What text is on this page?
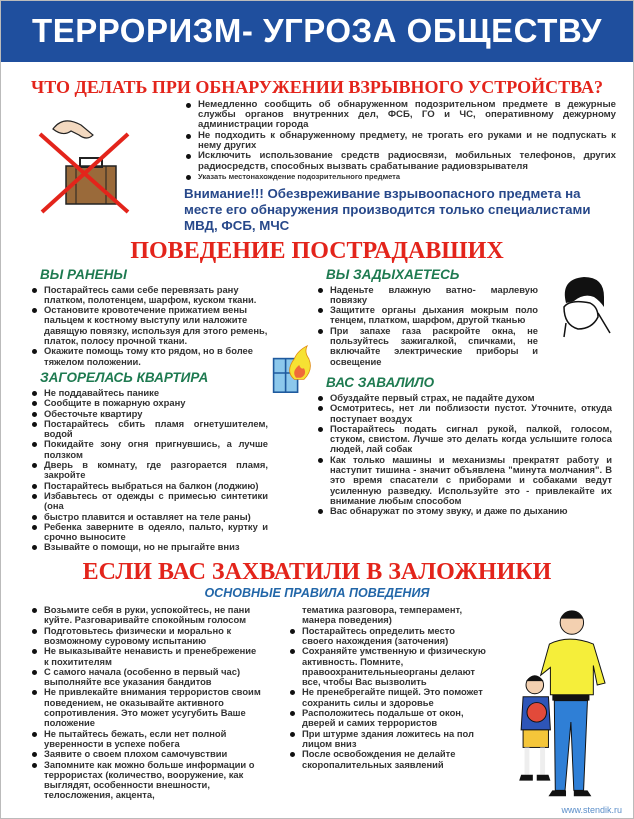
ТЕРРОРИЗМ- УГРОЗА ОБЩЕСТВУ
ЧТО ДЕЛАТЬ ПРИ ОБНАРУЖЕНИИ ВЗРЫВНОГО УСТРОЙСТВА?
Немедленно сообщить об обнаруженном подозрительном предмете в дежурные службы органов внутренних дел, ФСБ, ГО и ЧС, оперативному дежурному администрации города
Не подходить к обнаруженному предмету, не трогать его руками и не подпускать к нему других
Исключить использование средств радиосвязи, мобильных телефонов, других радиосредств, способных вызвать срабатывание радиовзрывателя
Указать местонахождение подозрительного предмета
Внимание!!! Обезвреживание взрывоопасного предмета на месте его обнаружения производится только специалистами МВД, ФСБ, МЧС
ПОВЕДЕНИЕ ПОСТРАДАВШИХ
ВЫ РАНЕНЫ
Постарайтесь сами себе перевязать рану платком, полотенцем, шарфом, куском ткани.
Остановите кровотечение прижатием вены пальцем к костному выступу или наложите давящую повязку, используя для этого ремень, платок, полосу прочной ткани.
Окажите помощь тому кто рядом, но в более тяжелом положении.
ЗАГОРЕЛАСЬ КВАРТИРА
Не поддавайтесь панике
Сообщите в пожарную охрану
Обесточьте квартиру
Постарайтесь сбить пламя огнетушителем, водой
Покидайте зону огня пригнувшись, а лучше ползком
Дверь в комнату, где разгорается пламя, закройте
Постарайтесь выбраться на балкон (лоджию)
Избавьтесь от одежды с примесью синтетики (она
быстро плавится и оставляет на теле раны)
Ребенка заверните в одеяло, пальто, куртку и срочно выносите
Взывайте о помощи, но не прыгайте вниз
ВЫ ЗАДЫХАЕТЕСЬ
Наденьте влажную ватно- марлевую повязку
Защитите органы дыхания мокрым поло тенцем, платком, шарфом, другой тканью
При запахе газа раскройте окна, не пользуйтесь зажигалкой, спичками, не включайте электрические приборы и освещение
ВАС ЗАВАЛИЛО
Обуздайте первый страх, не падайте духом
Осмотритесь, нет ли поблизости пустот. Уточните, откуда поступает воздух
Постарайтесь подать сигнал рукой, палкой, голосом, стуком, свистом. Лучше это делать когда услышите голоса людей, лай собак
Как только машины и механизмы прекратят работу и наступит тишина - значит объявлена "минута молчания". В это время спасатели с приборами и собаками ведут усиленную разведку. Используйте это - привлекайте их внимание любым способом
Вас обнаружат по этому звуку, и даже по дыханию
ЕСЛИ ВАС ЗАХВАТИЛИ В ЗАЛОЖНИКИ
ОСНОВНЫЕ ПРАВИЛА ПОВЕДЕНИЯ
Возьмите себя в руки, успокойтесь, не пани куйте. Разговаривайте спокойным голосом
Подготовьтесь физически и морально к возможному суровому испытанию
Не выказывайте ненависть и пренебрежение к похитителям
С самого начала (особенно в первый час) выполняйте все указания бандитов
Не привлекайте внимания террористов своим поведением, не оказывайте активного сопротивления. Это может усугубить Ваше положение
Не пытайтесь бежать, если нет полной уверенности в успехе побега
Заявите о своем плохом самочувствии
Запомните как можно больше информации о террористах (количество, вооружение, как выглядят, особенности внешности, телосложения, акцента,
тематика разговора, темперамент, манера поведения)
Постарайтесь определить место своего нахождения (заточения)
Сохраняйте умственную и физическую активность. Помните, правоохранительныеорганы делают все, чтобы Вас вызволить
Не пренебрегайте пищей. Это поможет сохранить силы и здоровье
Расположитесь подальше от окон, дверей и самих террористов
При штурме здания ложитесь на пол лицом вниз
После освобождения не делайте скоропалительных заявлений
www.stendik.ru
